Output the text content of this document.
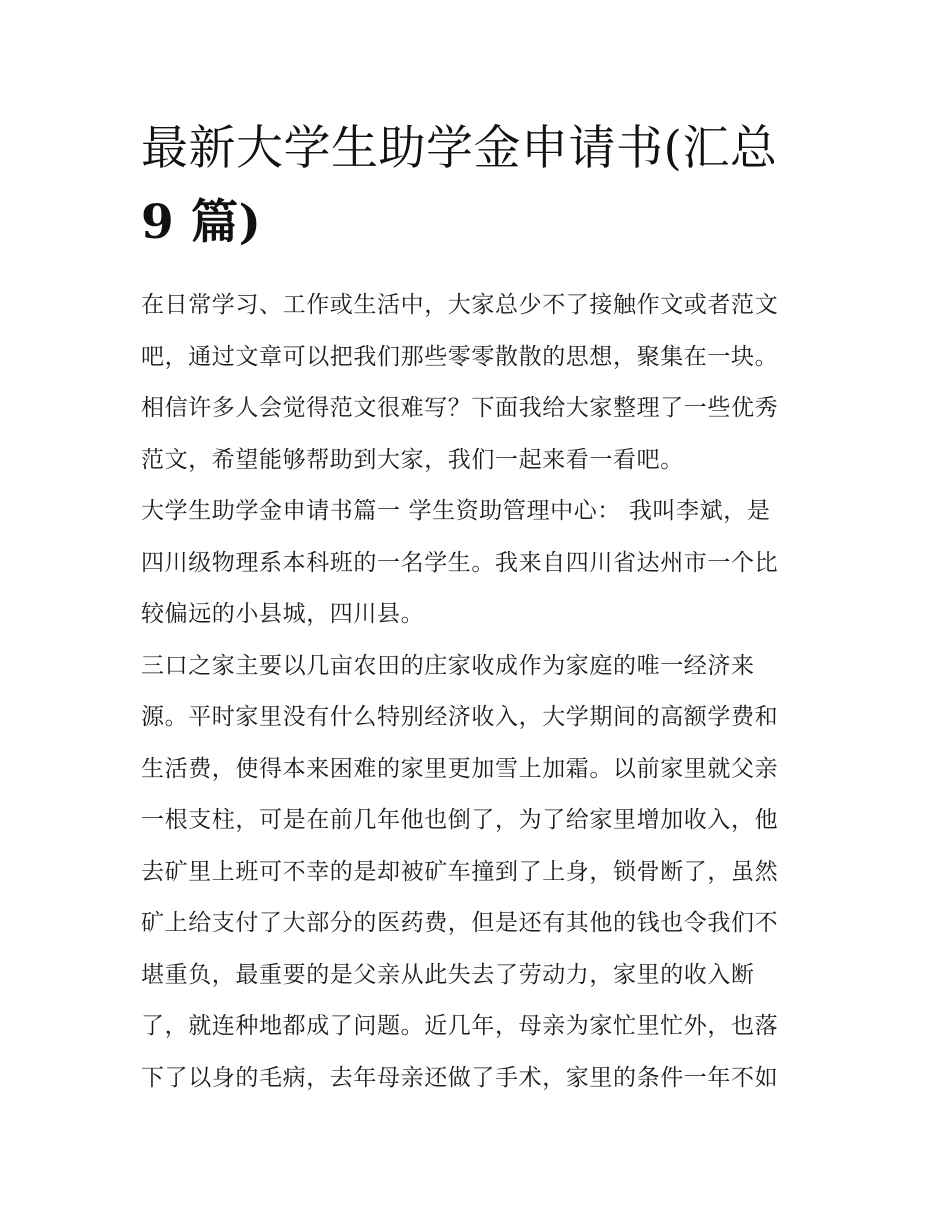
最新大学生助学金申请书(汇总
9 篇)
在日常学习、工作或生活中，大家总少不了接触作文或者范文
吧，通过文章可以把我们那些零零散散的思想，聚集在一块。
相信许多人会觉得范文很难写？下面我给大家整理了一些优秀
范文，希望能够帮助到大家，我们一起来看一看吧。
大学生助学金申请书篇一 学生资助管理中心： 我叫李斌，是
四川级物理系本科班的一名学生。我来自四川省达州市一个比
较偏远的小县城，四川县。
三口之家主要以几亩农田的庄家收成作为家庭的唯一经济来
源。平时家里没有什么特别经济收入，大学期间的高额学费和
生活费，使得本来困难的家里更加雪上加霜。以前家里就父亲
一根支柱，可是在前几年他也倒了，为了给家里增加收入，他
去矿里上班可不幸的是却被矿车撞到了上身，锁骨断了，虽然
矿上给支付了大部分的医药费，但是还有其他的钱也令我们不
堪重负，最重要的是父亲从此失去了劳动力，家里的收入断
了，就连种地都成了问题。近几年，母亲为家忙里忙外，也落
下了以身的毛病，去年母亲还做了手术，家里的条件一年不如
